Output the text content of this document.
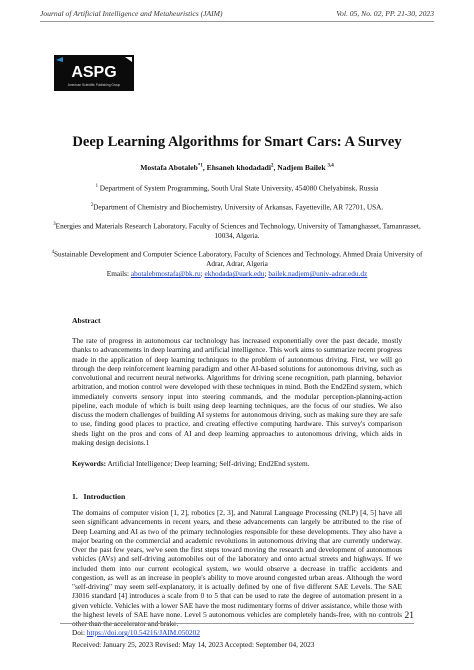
Journal of Artificial Intelligence and Metaheuristics (JAIM)	Vol. 05, No. 02, PP. 21-30, 2023
ASPG
American Scientific Publishing Group
Deep Learning Algorithms for Smart Cars: A Survey
Mostafa Abotaleb$^{*1}$, Ehsaneh khodadadi$^2$, Nadjem Bailek $^{3,4}$
$^1$ Department of System Programming, South Ural State University, 454080 Chelyabinsk, Russia
$^2$Department of Chemistry and Biochemistry, University of Arkansas, Fayetteville, AR 72701, USA.
$^3$Energies and Materials Research Laboratory, Faculty of Sciences and Technology, University of Tamanghasset, Tamanrasset, 10034, Algeria.
$^4$Sustainable Development and Computer Science Laboratory, Faculty of Sciences and Technology, Ahmed Draia University of Adrar, Adrar, Algeria
Emails: abotalebmostafa@bk.ru; ekhodada@uark.edu; bailek.nadjem@univ-adrar.edu.dz
Abstract
The rate of progress in autonomous car technology has increased exponentially over the past decade, mostly thanks to advancements in deep learning and artificial intelligence. This work aims to summarize recent progress made in the application of deep learning techniques to the problem of autonomous driving. First, we will go through the deep reinforcement learning paradigm and other AI-based solutions for autonomous driving, such as convolutional and recurrent neural networks. Algorithms for driving scene recognition, path planning, behavior arbitration, and motion control were developed with these techniques in mind. Both the End2End system, which immediately converts sensory input into steering commands, and the modular perception-planning-action pipeline, each module of which is built using deep learning techniques, are the focus of our studies. We also discuss the modern challenges of building AI systems for autonomous driving, such as making sure they are safe to use, finding good places to practice, and creating effective computing hardware. This survey's comparison sheds light on the pros and cons of AI and deep learning approaches to autonomous driving, which aids in making design decisions.1
Keywords: Artificial Intelligence; Deep learning; Self-driving; End2End system.
1.   Introduction
The domains of computer vision [1, 2], robotics [2, 3], and Natural Language Processing (NLP) [4, 5] have all seen significant advancements in recent years, and these advancements can largely be attributed to the rise of Deep Learning and AI as two of the primary technologies responsible for these developments. They also have a major bearing on the commercial and academic revolutions in autonomous driving that are currently underway. Over the past few years, we've seen the first steps toward moving the research and development of autonomous vehicles (AVs) and self-driving automobiles out of the laboratory and onto actual streets and highways. If we included them into our current ecological system, we would observe a decrease in traffic accidents and congestion, as well as an increase in people's ability to move around congested urban areas. Although the word "self-driving" may seem self-explanatory, it is actually defined by one of five different SAE Levels. The SAE J3016 standard [4] introduces a scale from 0 to 5 that can be used to rate the degree of automation present in a given vehicle. Vehicles with a lower SAE have the most rudimentary forms of driver assistance, while those with the highest levels of SAE have none. Level 5 autonomous vehicles are completely hands-free, with no controls other than the accelerator and brake.
21
Doi: https://doi.org/10.54216/JAIM.050202
Received: January 25, 2023 Revised: May 14, 2023 Accepted: September 04, 2023
